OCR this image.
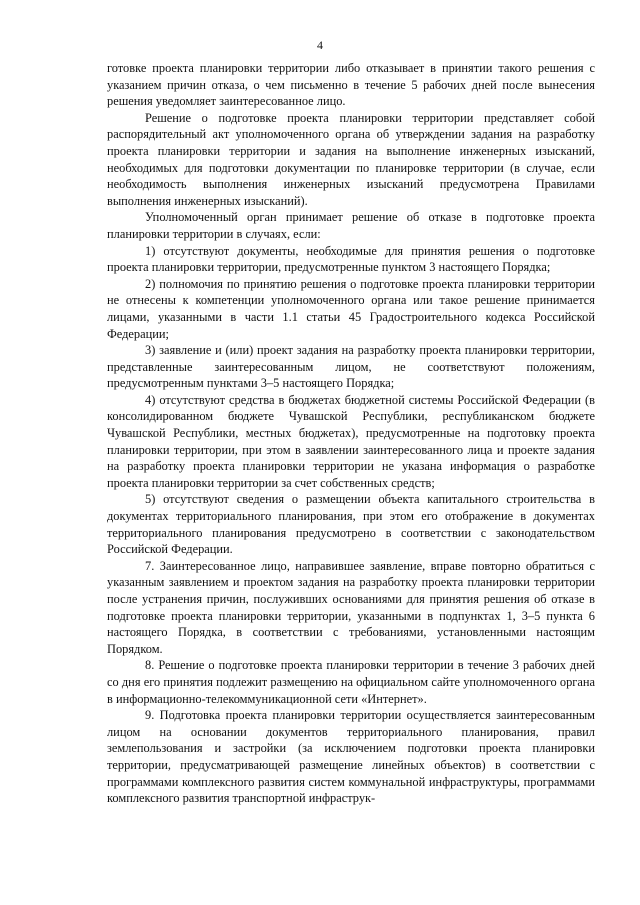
4

готовке проекта планировки территории либо отказывает в принятии такого решения с указанием причин отказа, о чем письменно в течение 5 рабочих дней после вынесения решения уведомляет заинтересованное лицо.

Решение о подготовке проекта планировки территории представляет собой распорядительный акт уполномоченного органа об утверждении задания на разработку проекта планировки территории и задания на выполнение инженерных изысканий, необходимых для подготовки документации по планировке территории (в случае, если необходимость выполнения инженерных изысканий предусмотрена Правилами выполнения инженерных изысканий).

Уполномоченный орган принимает решение об отказе в подготовке проекта планировки территории в случаях, если:

1) отсутствуют документы, необходимые для принятия решения о подготовке проекта планировки территории, предусмотренные пунктом 3 настоящего Порядка;

2) полномочия по принятию решения о подготовке проекта планировки территории не отнесены к компетенции уполномоченного органа или такое решение принимается лицами, указанными в части 1.1 статьи 45 Градостроительного кодекса Российской Федерации;

3) заявление и (или) проект задания на разработку проекта планировки территории, представленные заинтересованным лицом, не соответствуют положениям, предусмотренным пунктами 3–5 настоящего Порядка;

4) отсутствуют средства в бюджетах бюджетной системы Российской Федерации (в консолидированном бюджете Чувашской Республики, республиканском бюджете Чувашской Республики, местных бюджетах), предусмотренные на подготовку проекта планировки территории, при этом в заявлении заинтересованного лица и проекте задания на разработку проекта планировки территории не указана информация о разработке проекта планировки территории за счет собственных средств;

5) отсутствуют сведения о размещении объекта капитального строительства в документах территориального планирования, при этом его отображение в документах территориального планирования предусмотрено в соответствии с законодательством Российской Федерации.

7. Заинтересованное лицо, направившее заявление, вправе повторно обратиться с указанным заявлением и проектом задания на разработку проекта планировки территории после устранения причин, послуживших основаниями для принятия решения об отказе в подготовке проекта планировки территории, указанными в подпунктах 1, 3–5 пункта 6 настоящего Порядка, в соответствии с требованиями, установленными настоящим Порядком.

8. Решение о подготовке проекта планировки территории в течение 3 рабочих дней со дня его принятия подлежит размещению на официальном сайте уполномоченного органа в информационно-телекоммуникационной сети «Интернет».

9. Подготовка проекта планировки территории осуществляется заинтересованным лицом на основании документов территориального планирования, правил землепользования и застройки (за исключением подготовки проекта планировки территории, предусматривающей размещение линейных объектов) в соответствии с программами комплексного развития систем коммунальной инфраструктуры, программами комплексного развития транспортной инфраструк-
